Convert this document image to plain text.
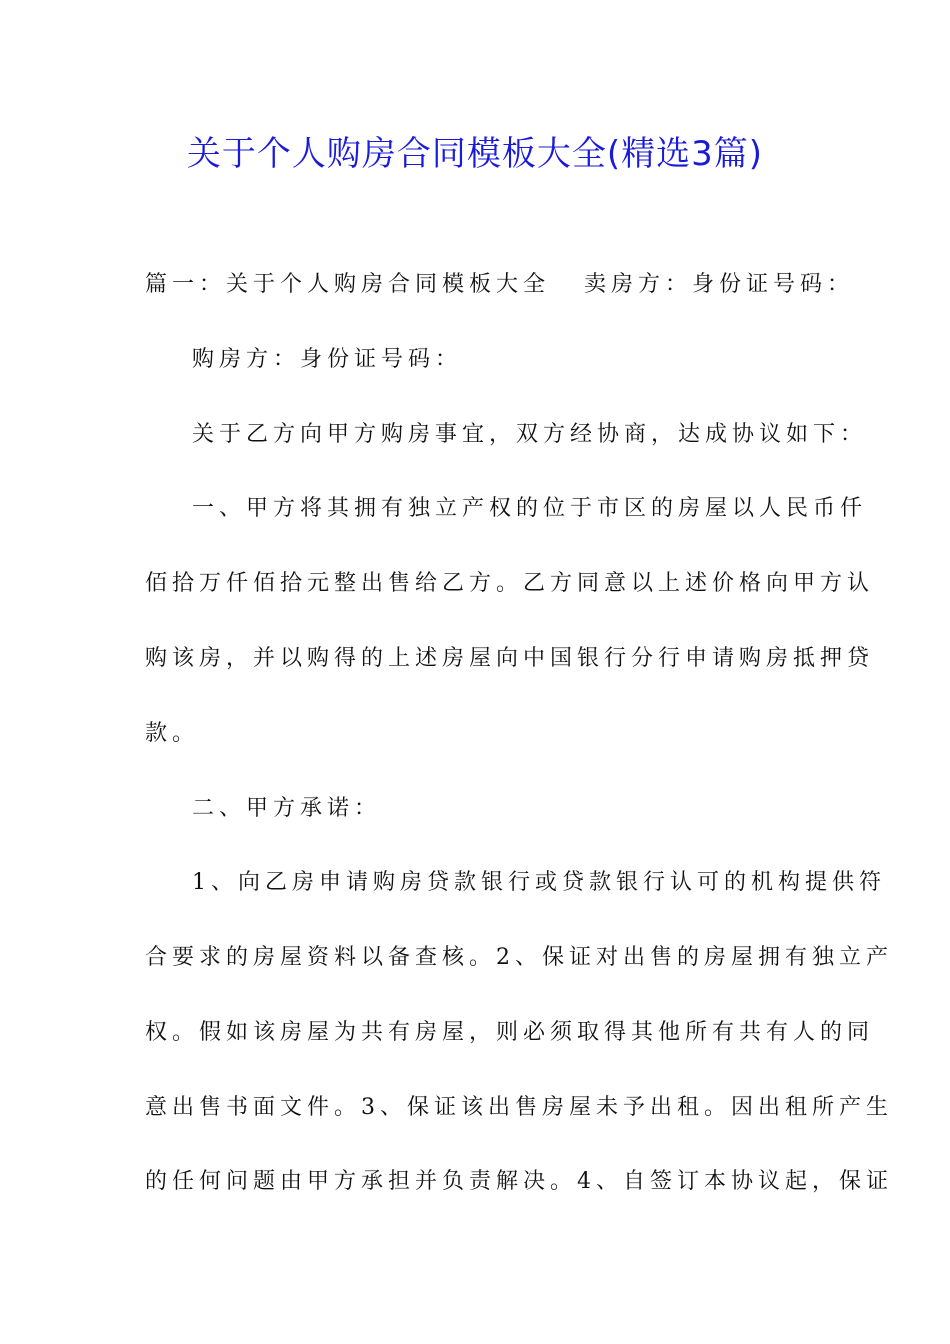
关于个人购房合同模板大全(精选3篇)
篇一：关于个人购房合同模板大全 卖房方：身份证号码：
购房方：身份证号码：
关于乙方向甲方购房事宜，双方经协商，达成协议如下：
一、甲方将其拥有独立产权的位于市区的房屋以人民币仟
佰拾万仟佰拾元整出售给乙方。乙方同意以上述价格向甲方认
购该房，并以购得的上述房屋向中国银行分行申请购房抵押贷
款。
二、甲方承诺：
1、向乙房申请购房贷款银行或贷款银行认可的机构提供符
合要求的房屋资料以备查核。2、保证对出售的房屋拥有独立产
权。假如该房屋为共有房屋，则必须取得其他所有共有人的同
意出售书面文件。3、保证该出售房屋未予出租。因出租所产生
的任何问题由甲方承担并负责解决。4、自签订本协议起，保证
